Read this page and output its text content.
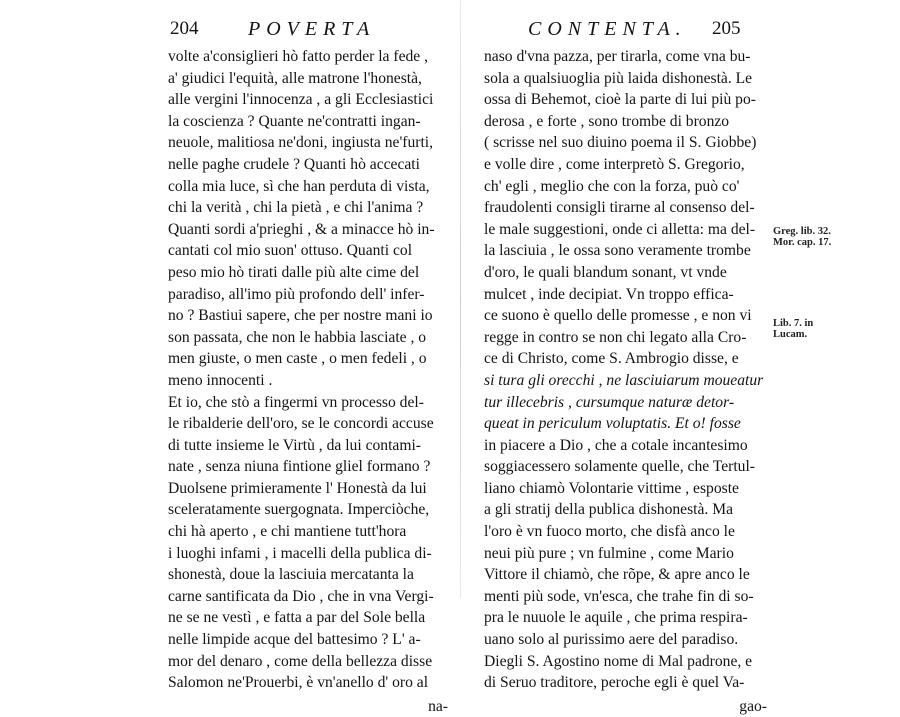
204 POVERTA
volte a'consiglieri hò fatto perder la fede ,
a' giudici l'equità, alle matrone l'honestà,
alle vergini l'innocenza , a gli Ecclesiastici
la coscienza ? Quante ne'contratti ingan-
neuole, malitiosa ne'doni, ingiusta ne'furti,
nelle paghe crudele ? Quanti hò accecati
colla mia luce, sì che han perduta di vista,
chi la verità , chi la pietà , e chi l'anima ?
Quanti sordi a'prieghi , & a minacce hò in-
cantati col mio suon' ottuso. Quanti col
peso mio hò tirati dalle più alte cime del
paradiso, all'imo più profondo dell' infer-
no ? Bastiui sapere, che per nostre mani io
son passata, che non le habbia lasciate , o
men giuste, o men caste , o men fedeli , o
meno innocenti .
Et io, che stò a fingermi vn processo del-
le ribalderie dell'oro, se le concordi accuse
di tutte insieme le Virtù , da lui contami-
nate , senza niuna fintione gliel formano ?
Duolsene primieramente l' Honestà da lui
sceleratamente suergognata. Imperciòche,
chi hà aperto , e chi mantiene tutt'hora
i luoghi infami , i macelli della publica di-
shonestà, doue la lasciuia mercatanta la
carne santificata da Dio , che in vna Vergi-
ne se ne vestì , e fatta a par del Sole bella
nelle limpide acque del battesimo ? L' a-
mor del denaro , come della bellezza disse
Salomon ne'Prouerbi, è vn'anello d' oro al
na-
CONTENTA. 205
naso d'vna pazza, per tirarla, come vna bu-
sola a qualsiuoglia più laida dishonestà. Le
ossa di Behemot, cioè la parte di lui più po-
derosa , e forte , sono trombe di bronzo
( scrisse nel suo diuino poema il S. Giobbe)
e volle dire , come interpretò S. Gregorio,
ch' egli , meglio che con la forza, può co'
fraudolenti consigli tirarne al consenso del-
le male suggestioni, onde ci alletta: ma del-
la lasciuia , le ossa sono veramente trombe
d'oro, le quali blandum sonant, vt vnde
mulcet , inde decipiat. Vn troppo effica-
ce suono è quello delle promesse , e non vi
regge in contro se non chi legato alla Cro-
ce di Christo, come S. Ambrogio disse, e
si tura gli orecchi , ne lasciuiarum moueatur
tur illecebris , cursumque naturæ detor-
queat in periculum voluptatis. Et o! fosse
in piacere a Dio , che a cotale incantesimo
soggiacessero solamente quelle, che Tertul-
liano chiamò Volontarie vittime , esposte
a gli stratij della publica dishonestà. Ma
l'oro è vn fuoco morto, che disfà anco le
neui più pure ; vn fulmine , come Mario
Vittore il chiamò, che rõpe, & apre anco le
menti più sode, vn'esca, che trahe fin di so-
pra le nuuole le aquile , che prima respira-
uano solo al purissimo aere del paradiso.
Diegli S. Agostino nome di Mal padrone, e
di Seruo traditore, peroche egli è quel Va-
gao-
Greg. lib. 32. Mor. cap. 17.
Lib. 7. in Lucam.
